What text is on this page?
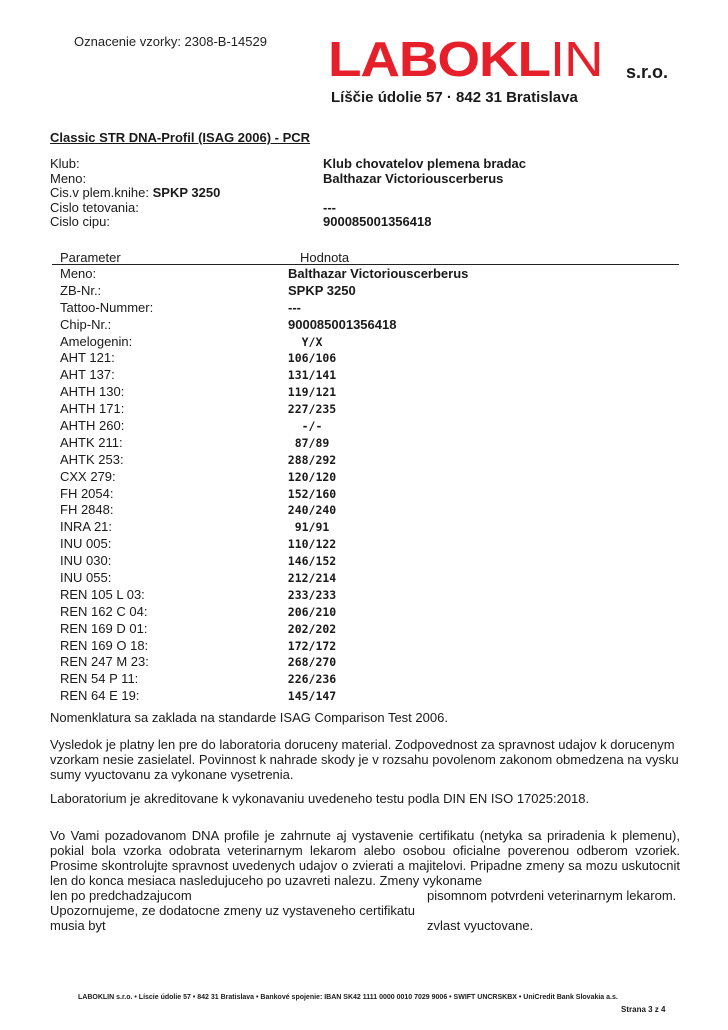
Oznacenie vzorky: 2308-B-14529 LABOKLIN s.r.o.
Líščie údolie 57 · 842 31 Bratislava
Classic STR DNA-Profil (ISAG 2006) - PCR
Klub:	Klub chovatelov plemena bradac
Meno:	Balthazar Victoriouscerberus
Cis.v plem.knihe: SPKP 3250
Cislo tetovania:	---
Cislo cipu:	900085001356418
Parameter	Hodnota
Meno:	Balthazar Victoriouscerberus
ZB-Nr.:	SPKP 3250
Tattoo-Nummer:	---
Chip-Nr.:	900085001356418
Amelogenin:	Y/X
AHT 121:	106/106
AHT 137:	131/141
AHTH 130:	119/121
AHTH 171:	227/235
AHTH 260:	-/-
AHTK 211:	87/89
AHTK 253:	288/292
CXX 279:	120/120
FH 2054:	152/160
FH 2848:	240/240
INRA 21:	91/91
INU 005:	110/122
INU 030:	146/152
INU 055:	212/214
REN 105 L 03:	233/233
REN 162 C 04:	206/210
REN 169 D 01:	202/202
REN 169 O 18:	172/172
REN 247 M 23:	268/270
REN 54 P 11:	226/236
REN 64 E 19:	145/147
Nomenklatura sa zaklada na standarde ISAG Comparison Test 2006.
Vysledok je platny len pre do laboratoria doruceny material. Zodpovednost za spravnost udajov k dorucenym vzorkam nesie zasielatel. Povinnost k nahrade skody je v rozsahu povolenom zakonom obmedzena na vysku sumy vyuctovanu za vykonane vysetrenia.
Laboratorium je akreditovane k vykonavaniu uvedeneho testu podla DIN EN ISO 17025:2018.
Vo Vami pozadovanom DNA profile je zahrnute aj vystavenie certifikatu (netyka sa priradenia k plemenu), pokial bola vzorka odobrata veterinarnym lekarom alebo osobou oficialne poverenou odberom vzoriek. Prosime skontrolujte spravnost uvedenych udajov o zvierati a majitelovi. Pripadne zmeny sa mozu uskutocnit len do konca mesiaca nasledujuceho po uzavreti nalezu. Zmeny vykoname
len po predchadzajucom	pisomnom potvrdeni veterinarnym lekarom.
Upozornujeme, ze dodatocne zmeny uz vystaveneho certifikatu
musia byt	zvlast vyuctovane.
LABOKLIN s.r.o. • Líscie údolie 57 • 842 31 Bratislava • Bankové spojenie: IBAN SK42 1111 0000 0010 7029 9006 • SWIFT UNCRSKBX • UniCredit Bank Slovakia a.s.
Strana 3 z 4
